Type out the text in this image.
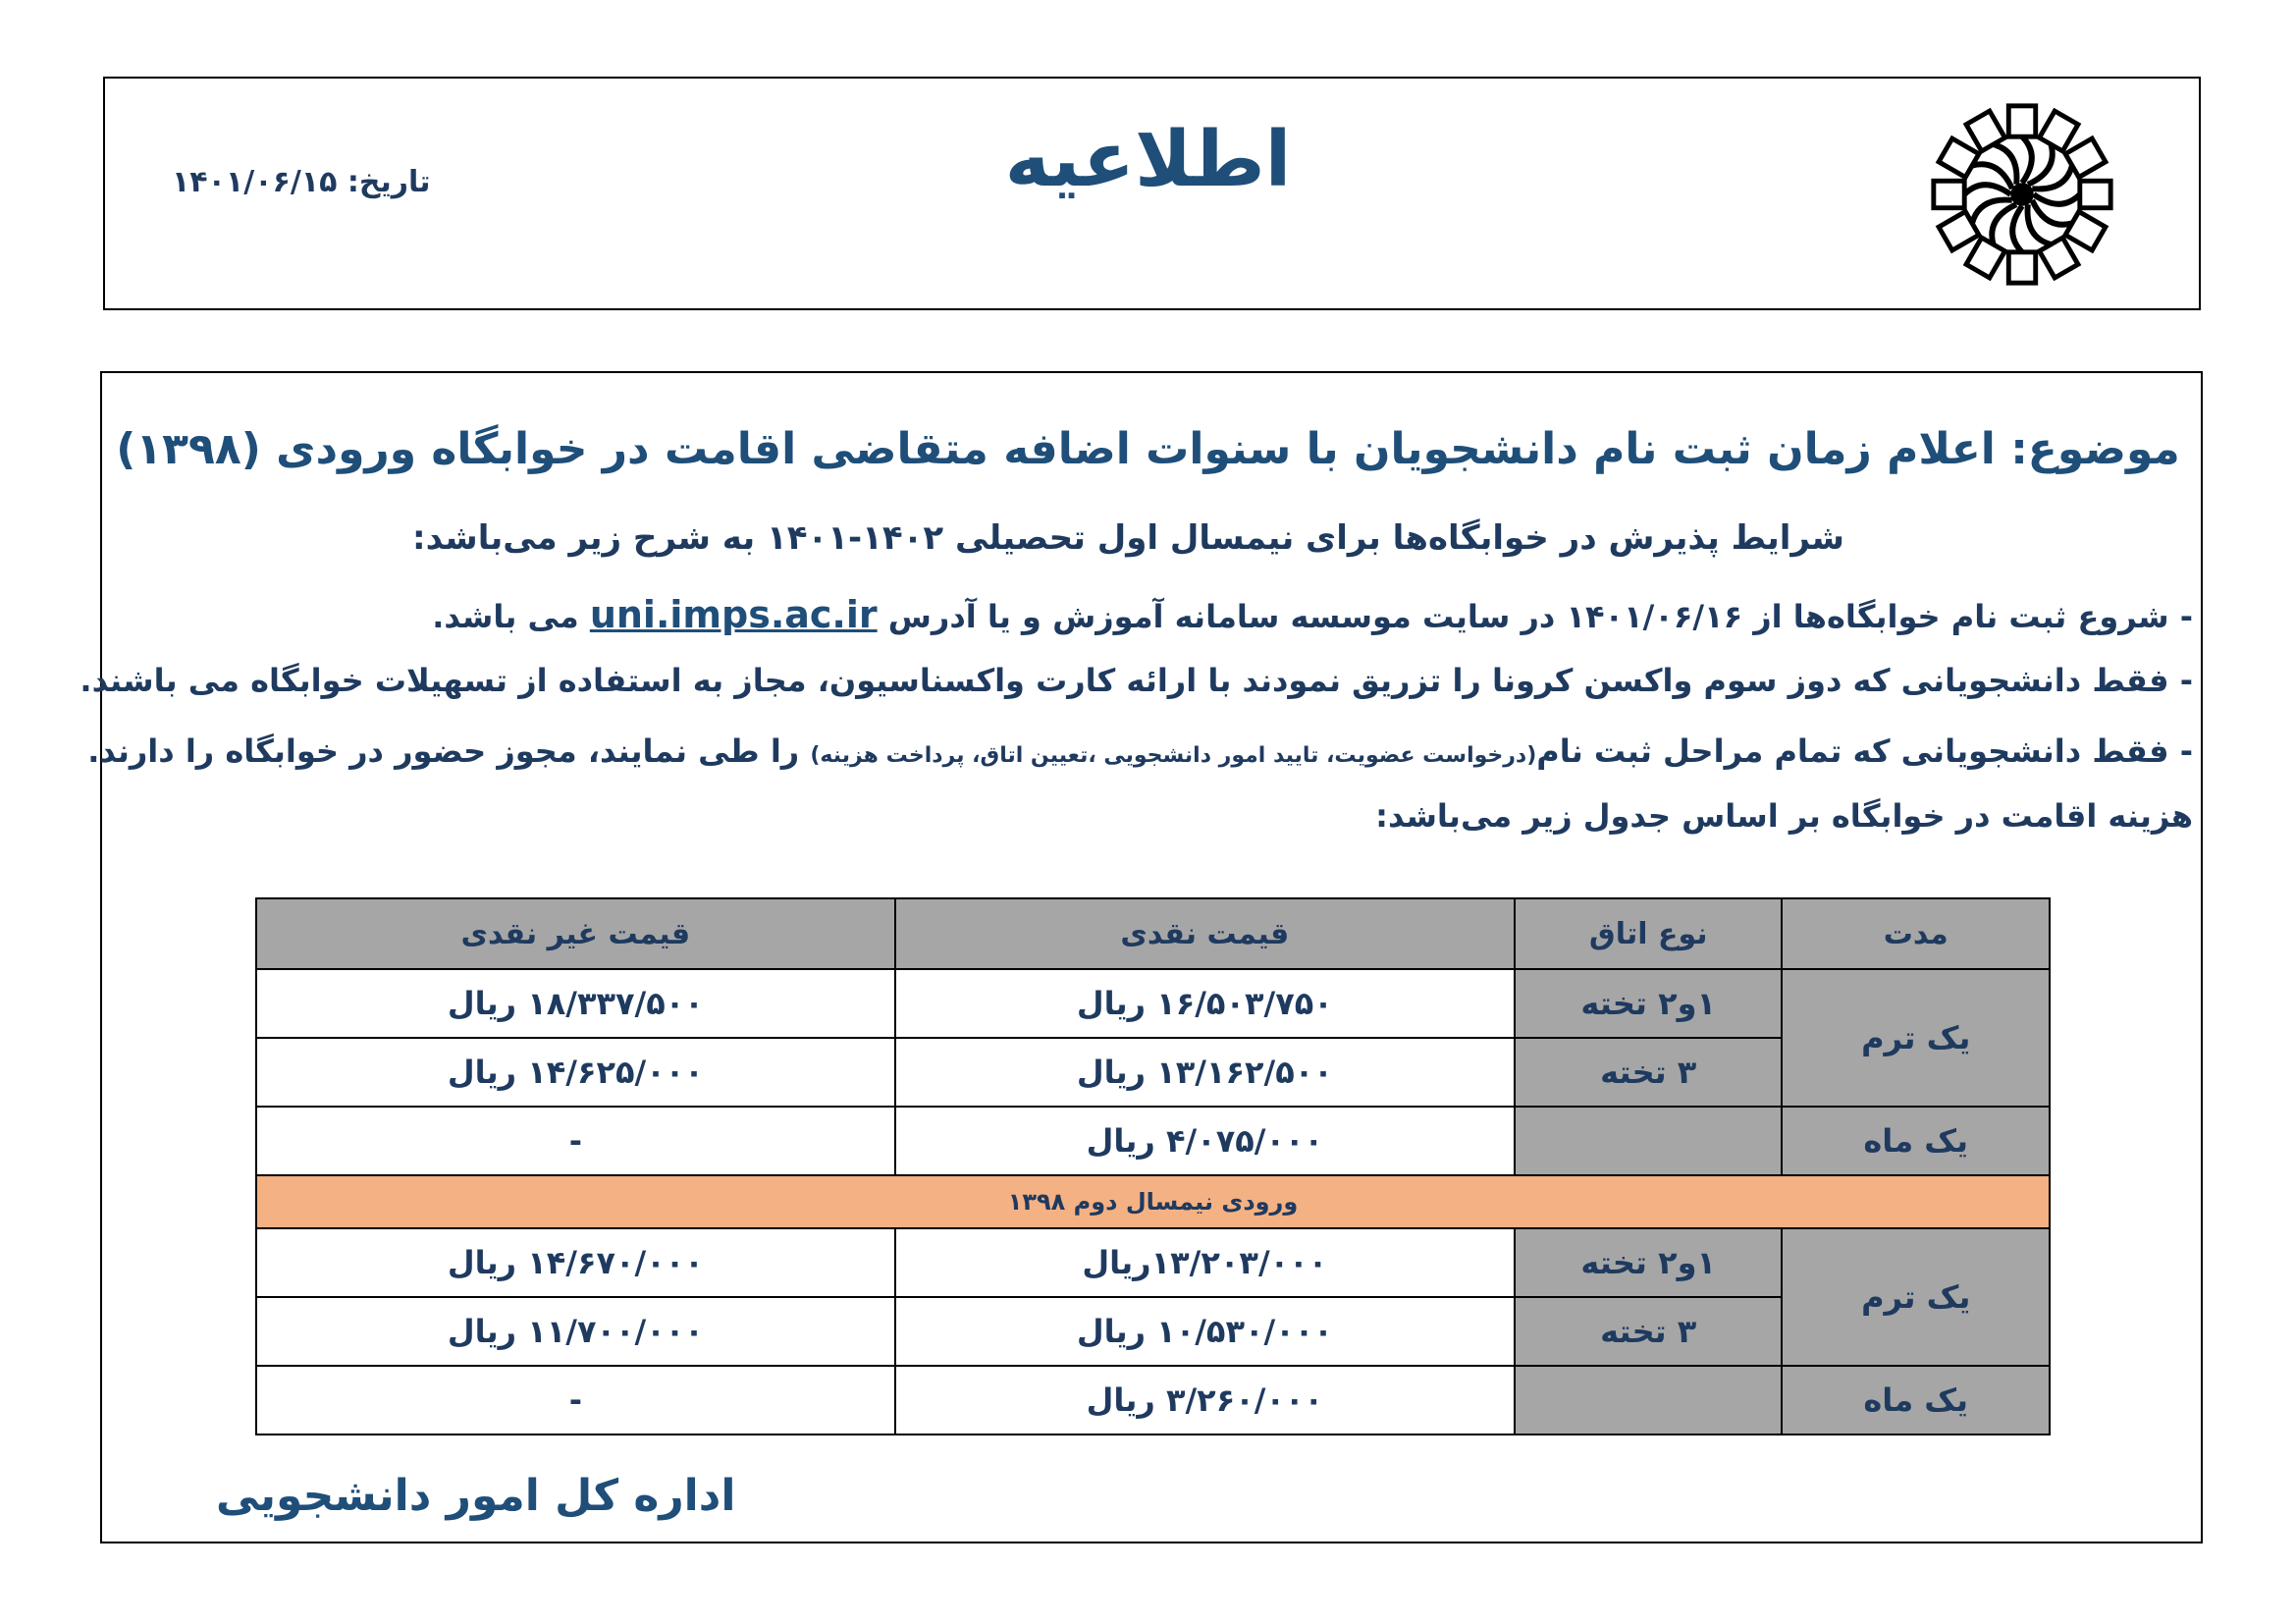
اطلاعیه
تاریخ: ۱۴۰۱/۰۶/۱۵
موضوع: اعلام زمان ثبت نام دانشجویان با سنوات اضافه متقاضی اقامت در خوابگاه ورودی (۱۳۹۸)
شرایط پذیرش در خوابگاه‌ها برای نیمسال اول تحصیلی ۱۴۰۲-۱۴۰۱ به شرح زیر می‌باشد:
- شروع ثبت نام خوابگاه‌ها از ۱۴۰۱/۰۶/۱۶ در سایت موسسه سامانه آموزش و یا آدرس uni.imps.ac.ir می باشد.
- فقط دانشجویانی که دوز سوم واکسن کرونا را تزریق نمودند با ارائه کارت واکسناسیون، مجاز به استفاده از تسهیلات خوابگاه می باشند.
- فقط دانشجویانی که تمام مراحل ثبت نام(درخواست عضویت، تایید امور دانشجویی ،تعیین اتاق، پرداخت هزینه) را طی نمایند، مجوز حضور در خوابگاه را دارند.
هزینه اقامت در خوابگاه بر اساس جدول زیر می‌باشد:
مدت	نوع اتاق	قیمت نقدی	قیمت غیر نقدی
یک ترم	۱و۲ تخته	۱۶/۵۰۳/۷۵۰ ریال	۱۸/۳۳۷/۵۰۰ ریال
	۳ تخته	۱۳/۱۶۲/۵۰۰ ریال	۱۴/۶۲۵/۰۰۰ ریال
یک ماه		۴/۰۷۵/۰۰۰ ریال	-
ورودی نیمسال دوم ۱۳۹۸			
یک ترم	۱و۲ تخته	۱۳/۲۰۳/۰۰۰ریال	۱۴/۶۷۰/۰۰۰ ریال
	۳ تخته	۱۰/۵۳۰/۰۰۰ ریال	۱۱/۷۰۰/۰۰۰ ریال
یک ماه		۳/۲۶۰/۰۰۰ ریال	-
اداره کل امور دانشجویی
